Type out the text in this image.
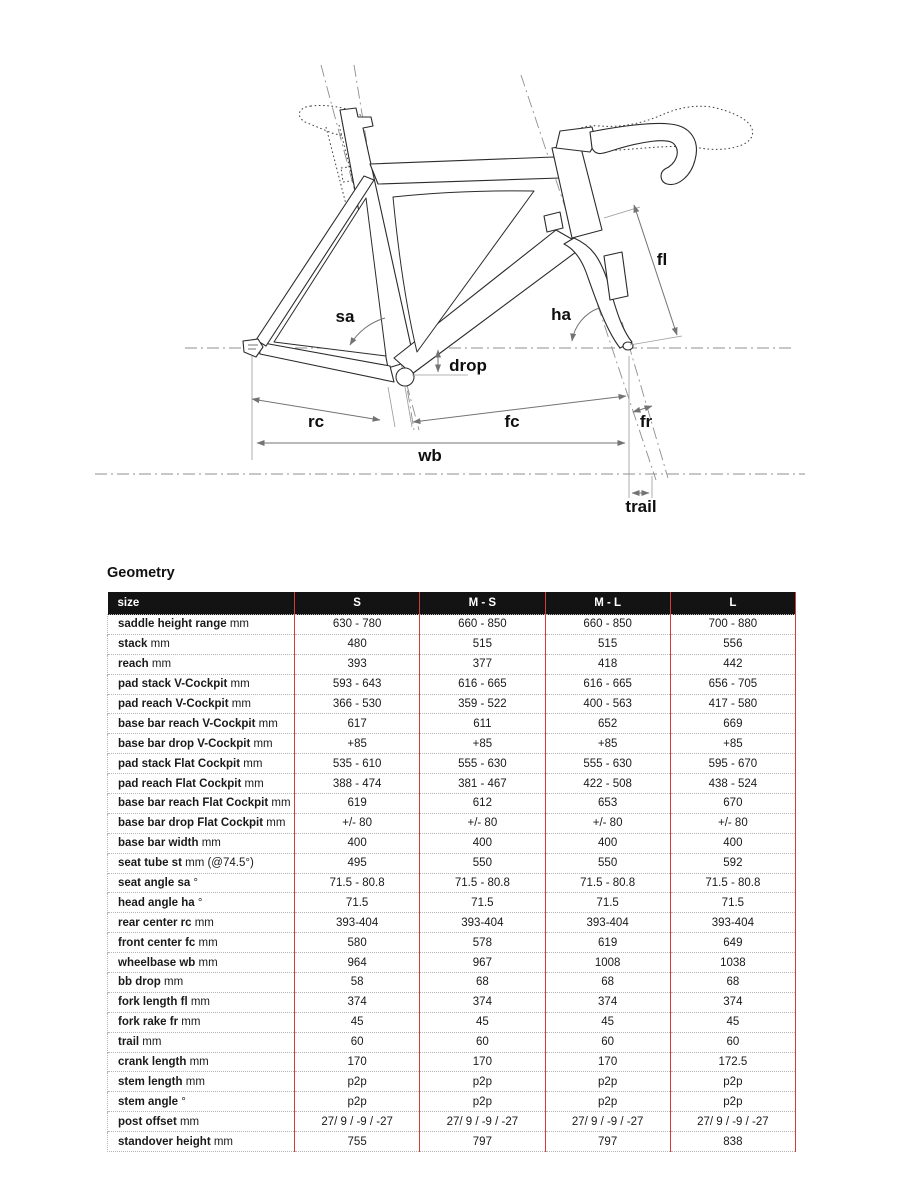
sa
drop
ha
fl
rc	fc	fr
wb
trail
Geometry
size	S	M - S	M - L	L
saddle height range mm	630 - 780	660 - 850	660 - 850	700 - 880
stack mm	480	515	515	556
reach mm	393	377	418	442
pad stack V-Cockpit mm	593 - 643	616 - 665	616 - 665	656 - 705
pad reach V-Cockpit mm	366 - 530	359 - 522	400 - 563	417 - 580
base bar reach V-Cockpit mm	617	611	652	669
base bar drop V-Cockpit mm	+85	+85	+85	+85
pad stack Flat Cockpit mm	535 - 610	555 - 630	555 - 630	595 - 670
pad reach Flat Cockpit mm	388 - 474	381 - 467	422 - 508	438 - 524
base bar reach Flat Cockpit mm	619	612	653	670
base bar drop Flat Cockpit mm	+/- 80	+/- 80	+/- 80	+/- 80
base bar width mm	400	400	400	400
seat tube st mm (@74.5°)	495	550	550	592
seat angle sa °	71.5 - 80.8	71.5 - 80.8	71.5 - 80.8	71.5 - 80.8
head angle ha °	71.5	71.5	71.5	71.5
rear center rc mm	393-404	393-404	393-404	393-404
front center fc mm	580	578	619	649
wheelbase wb mm	964	967	1008	1038
bb drop mm	58	68	68	68
fork length fl mm	374	374	374	374
fork rake fr mm	45	45	45	45
trail mm	60	60	60	60
crank length mm	170	170	170	172.5
stem length mm	p2p	p2p	p2p	p2p
stem angle °	p2p	p2p	p2p	p2p
post offset mm	27/ 9 / -9 / -27	27/ 9 / -9 / -27	27/ 9 / -9 / -27	27/ 9 / -9 / -27
standover height mm	755	797	797	838
